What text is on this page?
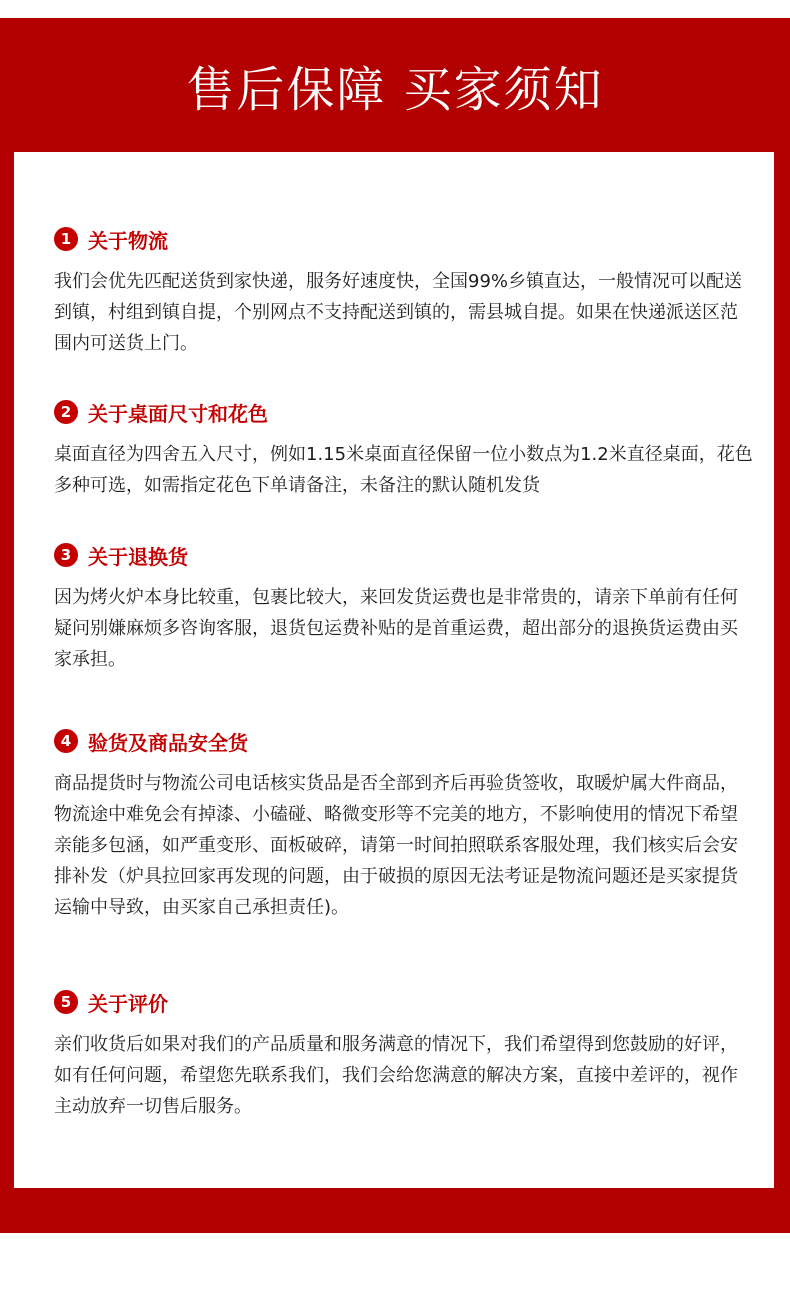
售后保障 买家须知
1 关于物流
我们会优先匹配送货到家快递，服务好速度快，全国99%乡镇直达，一般情况可以配送到镇，村组到镇自提，个别网点不支持配送到镇的，需县城自提。如果在快递派送区范围内可送货上门。
2 关于桌面尺寸和花色
桌面直径为四舍五入尺寸，例如1.15米桌面直径保留一位小数点为1.2米直径桌面，花色多种可选，如需指定花色下单请备注，未备注的默认随机发货
3 关于退换货
因为烤火炉本身比较重，包裹比较大，来回发货运费也是非常贵的，请亲下单前有任何疑问别嫌麻烦多咨询客服，退货包运费补贴的是首重运费，超出部分的退换货运费由买家承担。
4 验货及商品安全货
商品提货时与物流公司电话核实货品是否全部到齐后再验货签收，取暖炉属大件商品，物流途中难免会有掉漆、小磕碰、略微变形等不完美的地方，不影响使用的情况下希望亲能多包涵，如严重变形、面板破碎，请第一时间拍照联系客服处理，我们核实后会安排补发（炉具拉回家再发现的问题，由于破损的原因无法考证是物流问题还是买家提货运输中导致，由买家自己承担责任)。
5 关于评价
亲们收货后如果对我们的产品质量和服务满意的情况下，我们希望得到您鼓励的好评，如有任何问题，希望您先联系我们，我们会给您满意的解决方案，直接中差评的，视作主动放弃一切售后服务。
